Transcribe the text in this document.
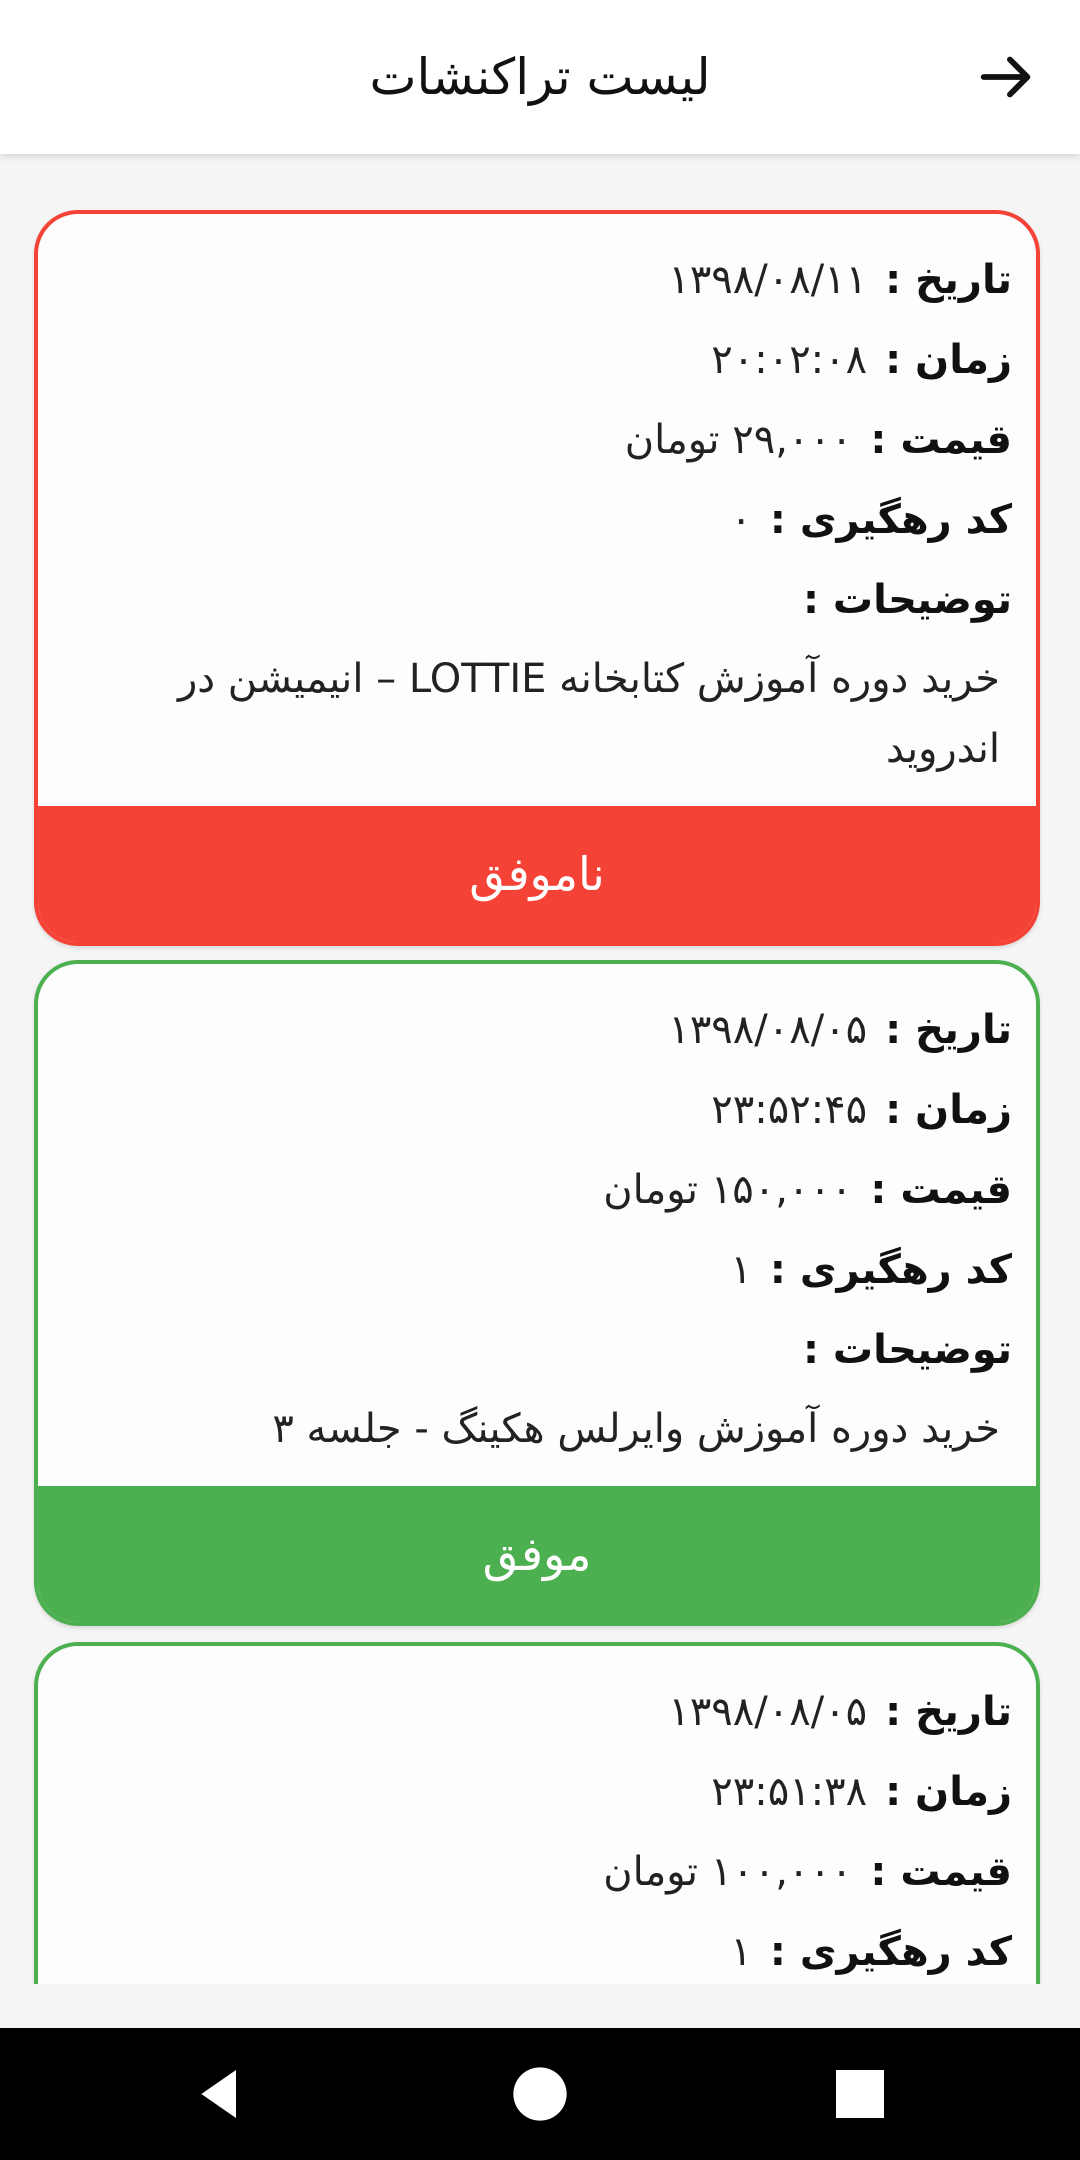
لیست تراکنشات
تاریخ :۱۳۹۸/۰۸/۱۱
زمان :۲۰:۰۲:۰۸
قیمت :۲۹,۰۰۰ تومان
کد رهگیری :۰
توضیحات :
خرید دوره آموزش کتابخانه LOTTIE – انیمیشن در اندروید
ناموفق
تاریخ :۱۳۹۸/۰۸/۰۵
زمان :۲۳:۵۲:۴۵
قیمت :۱۵۰,۰۰۰ تومان
کد رهگیری :۱
توضیحات :
خرید دوره آموزش وایرلس هکینگ - جلسه ۳
موفق
تاریخ :۱۳۹۸/۰۸/۰۵
زمان :۲۳:۵۱:۳۸
قیمت :۱۰۰,۰۰۰ تومان
کد رهگیری :۱
